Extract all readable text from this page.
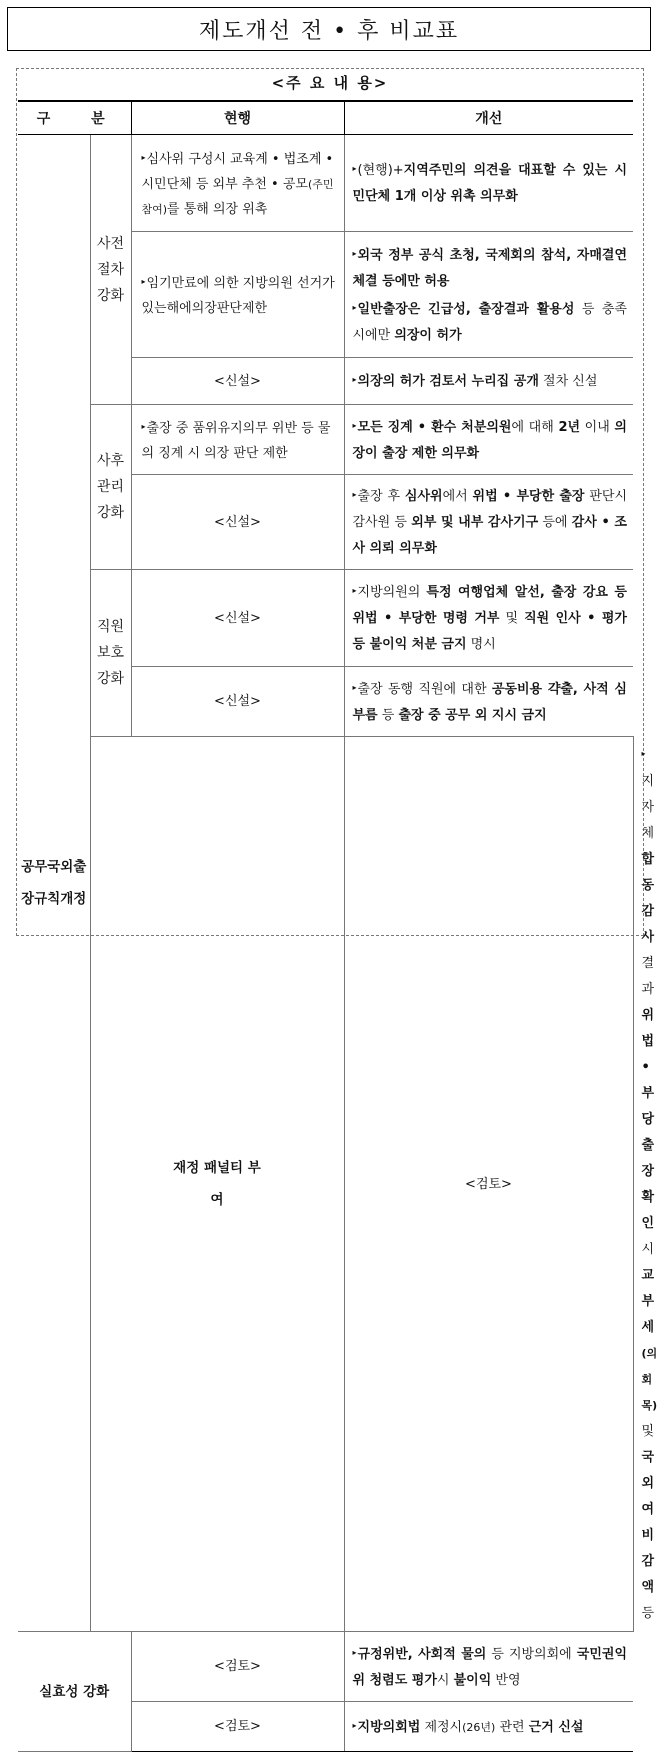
제도개선 전 • 후 비교표
<주 요 내 용>
구 분		현행	개선	
공무국외출장규칙개정	사전 절차 강화	▸심사위 구성시 교육계 • 법조계 • 시민단체 등 외부 추천 • 공모(주민참여)를 통해 의장 위촉	▸(현행)+지역주민의 의견을 대표할 수 있는 시민단체 1개 이상 위촉 의무화	
		▸임기만료에 의한 지방의원 선거가있는해에의장판단제한	▸외국 정부 공식 초청, 국제회의 참석, 자매결연 체결 등에만 허용
▸일반출장은 긴급성, 출장결과 활용성 등 충족 시에만 의장이 허가	

		<신설>	▸의장의 허가 검토서 누리집 공개 절차 신설	
	사후 관리 강화	▸출장 중 품위유지의무 위반 등 물의 징계 시 의장 판단 제한	▸모든 징계 • 환수 처분의원에 대해 2년 이내 의장이 출장 제한 의무화	
		<신설>	▸출장 후 심사위에서 위법 • 부당한 출장 판단시 감사원 등 외부 및 내부 감사기구 등에 감사 • 조사 의뢰 의무화	
	직원 보호 강화	<신설>	▸지방의원의 특정 여행업체 알선, 출장 강요 등 위법 • 부당한 명령 거부 및 직원 인사 • 평가 등 불이익 처분 금지 명시	
		<신설>	▸출장 동행 직원에 대한 공동비용 갹출, 사적 심부름 등 출장 중 공무 외 지시 금지	
	재정 패널티 부여		<검토>	▸지자체 합동감사 결과 위법 • 부당 출장 확인시 교부세(의회목) 및 국외여비 감액 등
실효성 강화		<검토>	▸규정위반, 사회적 물의 등 지방의회에 국민권익위 청렴도 평가시 불이익 반영	
		<검토>	▸지방의회법 제정시(26년) 관련 근거 신설	
